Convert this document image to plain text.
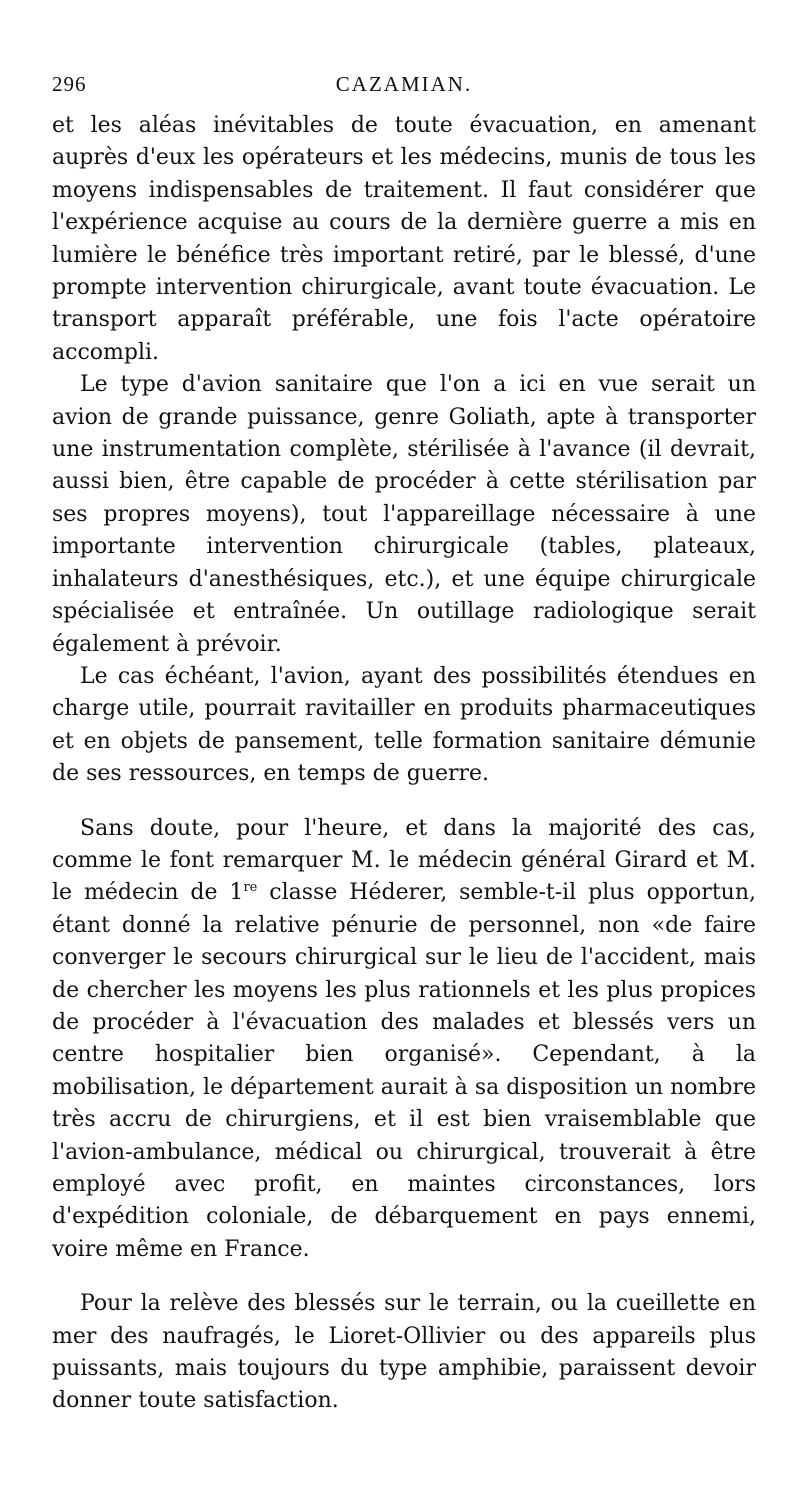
296	CAZAMIAN.

et les aléas inévitables de toute évacuation, en amenant auprès d'eux les opérateurs et les médecins, munis de tous les moyens indispensables de traitement. Il faut considérer que l'expérience acquise au cours de la dernière guerre a mis en lumière le bénéfice très important retiré, par le blessé, d'une prompte intervention chirurgicale, avant toute évacuation. Le transport apparaît préférable, une fois l'acte opératoire accompli.

Le type d'avion sanitaire que l'on a ici en vue serait un avion de grande puissance, genre Goliath, apte à transporter une instrumentation complète, stérilisée à l'avance (il devrait, aussi bien, être capable de procéder à cette stérilisation par ses propres moyens), tout l'appareillage nécessaire à une importante intervention chirurgicale (tables, plateaux, inhalateurs d'anesthésiques, etc.), et une équipe chirurgicale spécialisée et entraînée. Un outillage radiologique serait également à prévoir.

Le cas échéant, l'avion, ayant des possibilités étendues en charge utile, pourrait ravitailler en produits pharmaceutiques et en objets de pansement, telle formation sanitaire démunie de ses ressources, en temps de guerre.

Sans doute, pour l'heure, et dans la majorité des cas, comme le font remarquer M. le médecin général Girard et M. le médecin de 1re classe Héderer, semble-t-il plus opportun, étant donné la relative pénurie de personnel, non «de faire converger le secours chirurgical sur le lieu de l'accident, mais de chercher les moyens les plus rationnels et les plus propices de procéder à l'évacuation des malades et blessés vers un centre hospitalier bien organisé». Cependant, à la mobilisation, le département aurait à sa disposition un nombre très accru de chirurgiens, et il est bien vraisemblable que l'avion-ambulance, médical ou chirurgical, trouverait à être employé avec profit, en maintes circonstances, lors d'expédition coloniale, de débarquement en pays ennemi, voire même en France.

Pour la relève des blessés sur le terrain, ou la cueillette en mer des naufragés, le Lioret-Ollivier ou des appareils plus puissants, mais toujours du type amphibie, paraissent devoir donner toute satisfaction.
